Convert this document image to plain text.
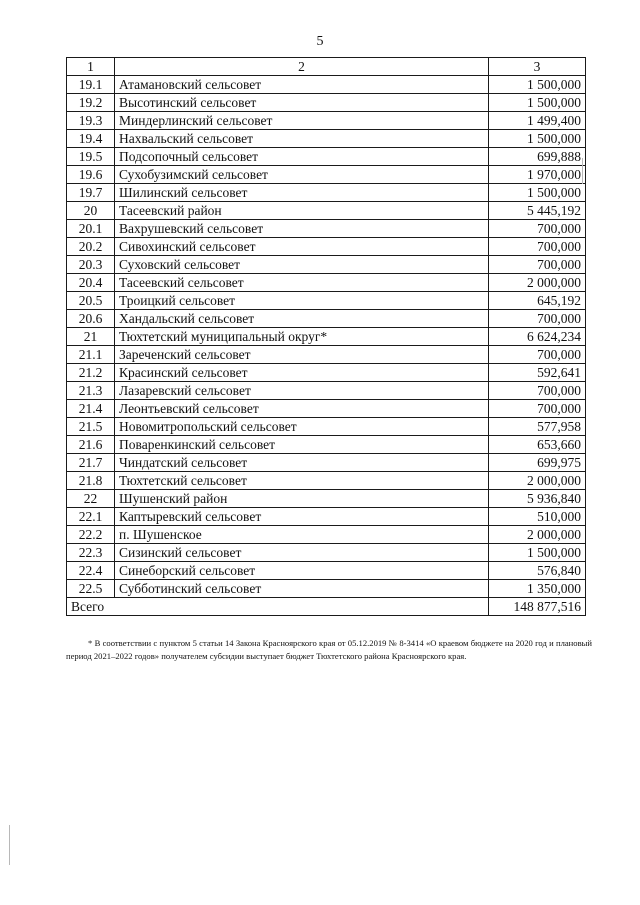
5
1	2	3
19.1	Атамановский сельсовет	1 500,000
19.2	Высотинский сельсовет	1 500,000
19.3	Миндерлинский сельсовет	1 499,400
19.4	Нахвальский сельсовет	1 500,000
19.5	Подсопочный сельсовет	699,888
19.6	Сухобузимский сельсовет	1 970,000
19.7	Шилинский сельсовет	1 500,000
20	Тасеевский район	5 445,192
20.1	Вахрушевский сельсовет	700,000
20.2	Сивохинский сельсовет	700,000
20.3	Суховский сельсовет	700,000
20.4	Тасеевский сельсовет	2 000,000
20.5	Троицкий сельсовет	645,192
20.6	Хандальский сельсовет	700,000
21	Тюхтетский муниципальный округ*	6 624,234
21.1	Зареченский сельсовет	700,000
21.2	Красинский сельсовет	592,641
21.3	Лазаревский сельсовет	700,000
21.4	Леонтьевский сельсовет	700,000
21.5	Новомитропольский сельсовет	577,958
21.6	Поваренкинский сельсовет	653,660
21.7	Чиндатский сельсовет	699,975
21.8	Тюхтетский сельсовет	2 000,000
22	Шушенский район	5 936,840
22.1	Каптыревский сельсовет	510,000
22.2	п. Шушенское	2 000,000
22.3	Сизинский сельсовет	1 500,000
22.4	Синеборский сельсовет	576,840
22.5	Субботинский сельсовет	1 350,000
Всего		148 877,516
* В соответствии с пунктом 5 статьи 14 Закона Красноярского края от 05.12.2019 № 8-3414 «О краевом бюджете на 2020 год и плановый период 2021–2022 годов» получателем субсидии выступает бюджет Тюхтетского района Красноярского края.
